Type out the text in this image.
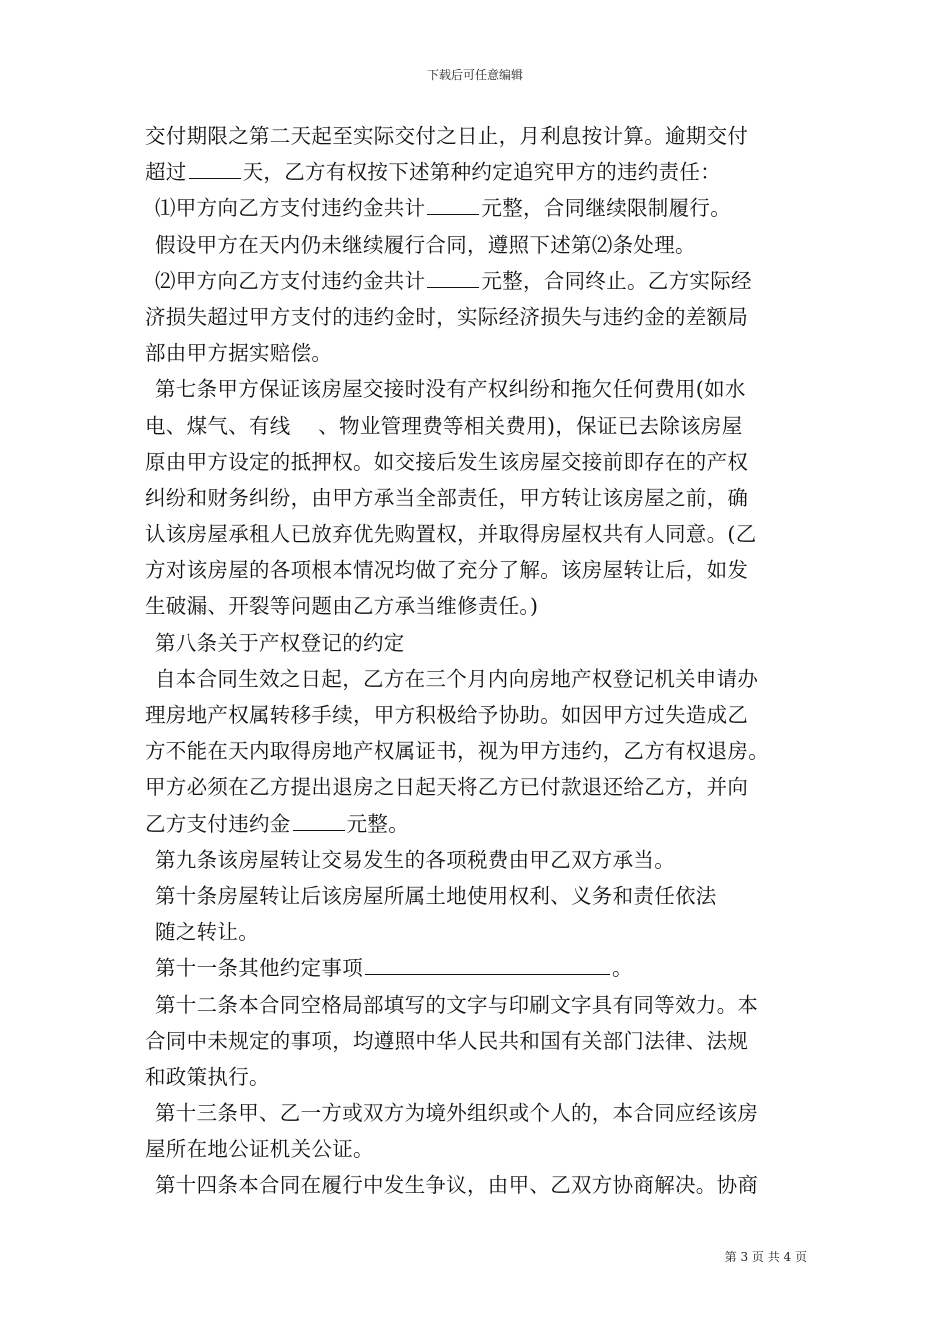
下载后可任意编辑
交付期限之第二天起至实际交付之日止，月利息按计算。逾期交付
超过	天，乙方有权按下述第种约定追究甲方的违约责任：
⑴甲方向乙方支付违约金共计	元整，合同继续限制履行。
假设甲方在天内仍未继续履行合同，遵照下述第⑵条处理。
⑵甲方向乙方支付违约金共计	元整，合同终止。乙方实际经
济损失超过甲方支付的违约金时，实际经济损失与违约金的差额局
部由甲方据实赔偿。
第七条甲方保证该房屋交接时没有产权纠纷和拖欠任何费用(如水
电、煤气、有线　 、物业管理费等相关费用)，保证已去除该房屋
原由甲方设定的抵押权。如交接后发生该房屋交接前即存在的产权
纠纷和财务纠纷，由甲方承当全部责任，甲方转让该房屋之前，确
认该房屋承租人已放弃优先购置权，并取得房屋权共有人同意。(乙
方对该房屋的各项根本情况均做了充分了解。该房屋转让后，如发
生破漏、开裂等问题由乙方承当维修责任。)
第八条关于产权登记的约定
自本合同生效之日起，乙方在三个月内向房地产权登记机关申请办
理房地产权属转移手续，甲方积极给予协助。如因甲方过失造成乙
方不能在天内取得房地产权属证书，视为甲方违约，乙方有权退房。
甲方必须在乙方提出退房之日起天将乙方已付款退还给乙方，并向
乙方支付违约金	元整。
第九条该房屋转让交易发生的各项税费由甲乙双方承当。
第十条房屋转让后该房屋所属土地使用权利、义务和责任依法
随之转让。
第十一条其他约定事项	。
第十二条本合同空格局部填写的文字与印刷文字具有同等效力。本
合同中未规定的事项，均遵照中华人民共和国有关部门法律、法规
和政策执行。
第十三条甲、乙一方或双方为境外组织或个人的，本合同应经该房
屋所在地公证机关公证。
第十四条本合同在履行中发生争议，由甲、乙双方协商解决。协商
第 3 页 共 4 页
